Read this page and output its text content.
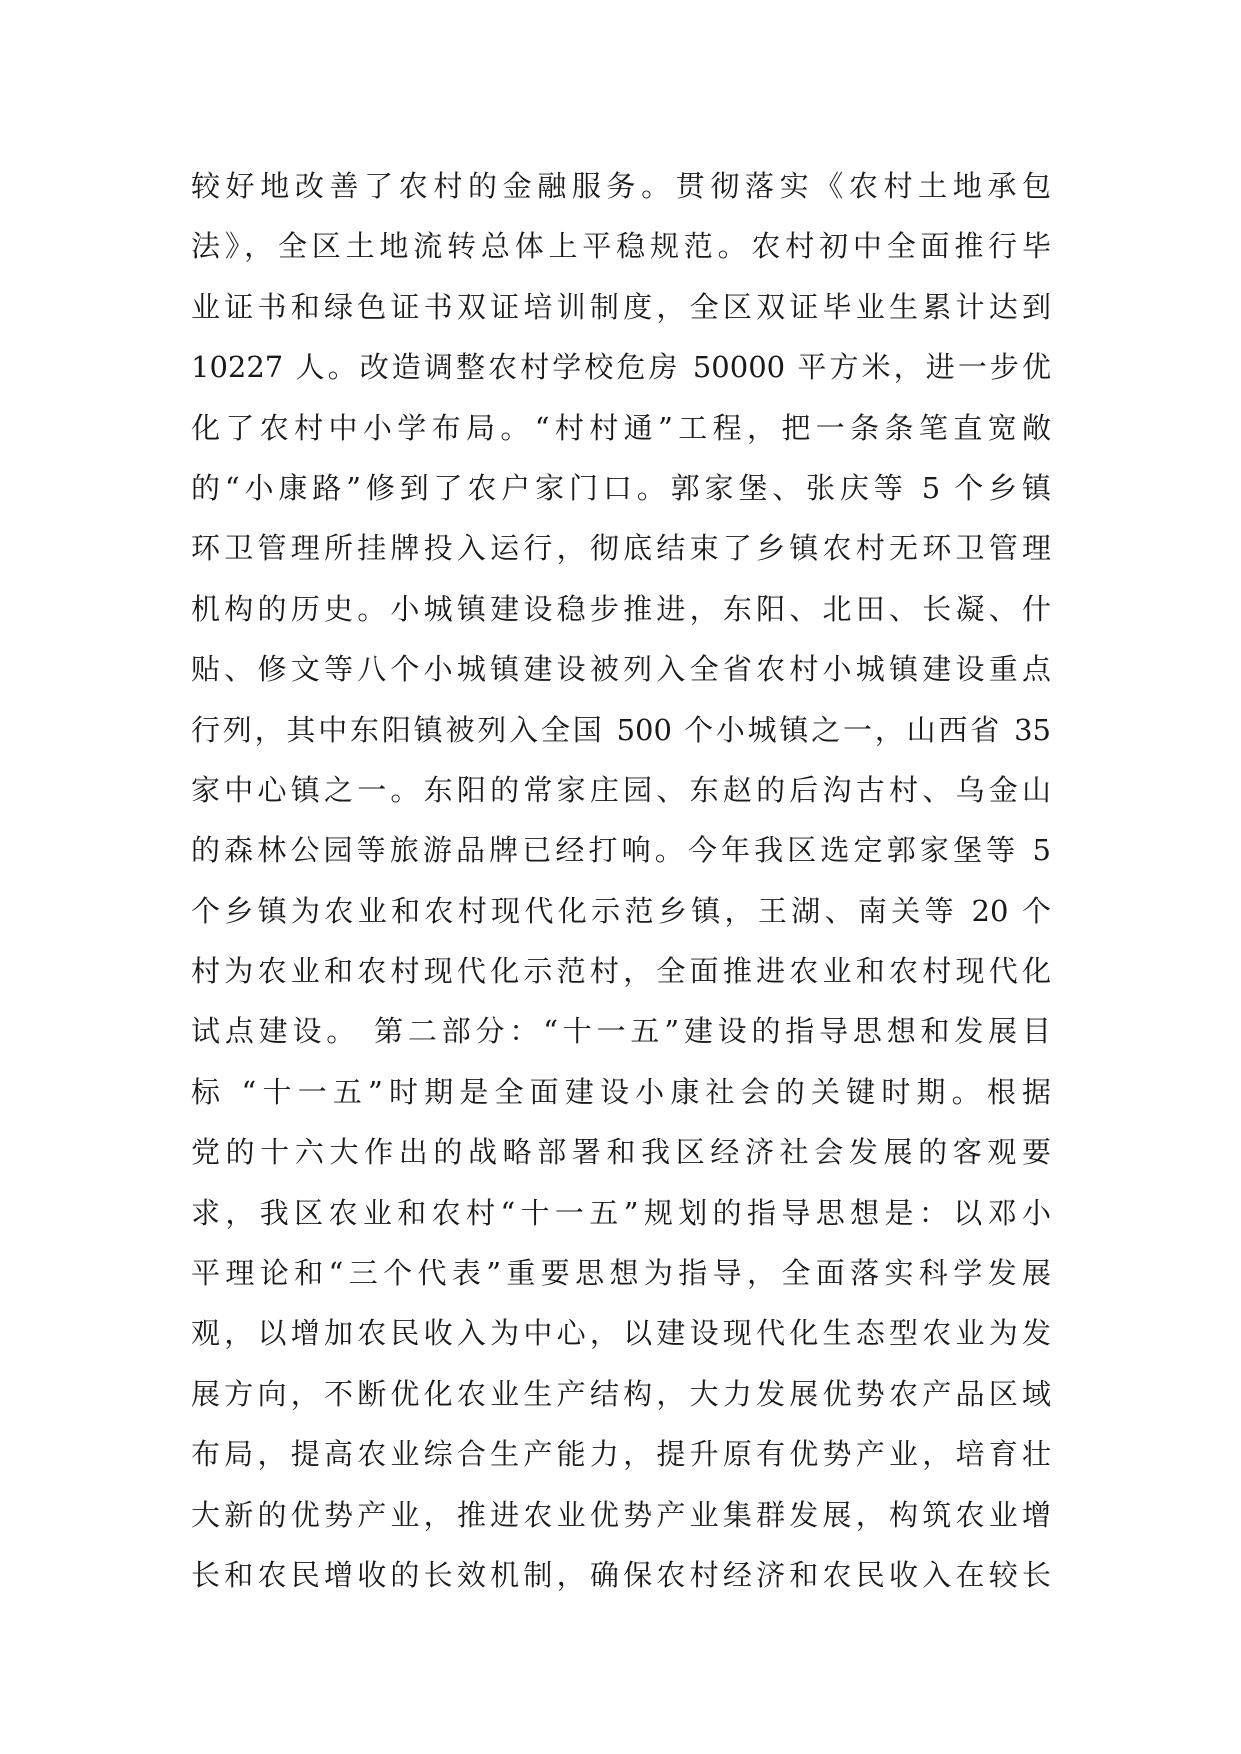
较好地改善了农村的金融服务。贯彻落实《农村土地承包
法》，全区土地流转总体上平稳规范。农村初中全面推行毕
业证书和绿色证书双证培训制度，全区双证毕业生累计达到
10227 人。改造调整农村学校危房 50000 平方米，进一步优
化了农村中小学布局。“村村通”工程，把一条条笔直宽敞
的“小康路”修到了农户家门口。郭家堡、张庆等 5 个乡镇
环卫管理所挂牌投入运行，彻底结束了乡镇农村无环卫管理
机构的历史。小城镇建设稳步推进，东阳、北田、长凝、什
贴、修文等八个小城镇建设被列入全省农村小城镇建设重点
行列，其中东阳镇被列入全国 500 个小城镇之一，山西省 35
家中心镇之一。东阳的常家庄园、东赵的后沟古村、乌金山
的森林公园等旅游品牌已经打响。今年我区选定郭家堡等 5
个乡镇为农业和农村现代化示范乡镇，王湖、南关等 20 个
村为农业和农村现代化示范村，全面推进农业和农村现代化
试点建设。 第二部分：“十一五”建设的指导思想和发展目
标 “十一五”时期是全面建设小康社会的关键时期。根据
党的十六大作出的战略部署和我区经济社会发展的客观要
求，我区农业和农村“十一五”规划的指导思想是：以邓小
平理论和“三个代表”重要思想为指导，全面落实科学发展
观，以增加农民收入为中心，以建设现代化生态型农业为发
展方向，不断优化农业生产结构，大力发展优势农产品区域
布局，提高农业综合生产能力，提升原有优势产业，培育壮
大新的优势产业，推进农业优势产业集群发展，构筑农业增
长和农民增收的长效机制，确保农村经济和农民收入在较长
